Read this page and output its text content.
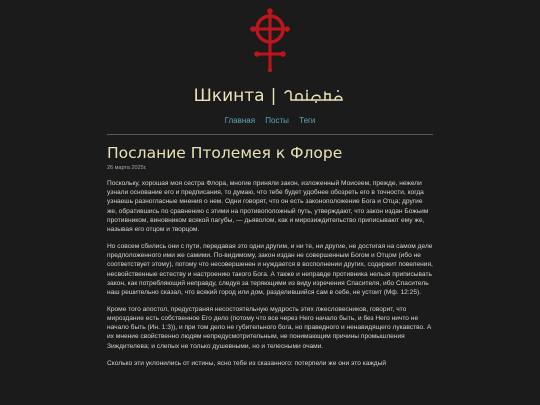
Шкинта |
Главная Посты Теги
Послание Птолемея к Флоре
26 марта 2025г.

Поскольку, хорошая моя сестра Флора, многие приняли закон, изложенный Моисеем, прежде, нежели узнали основание его и предписания, то думаю, что тебе будет удобнее обозреть его в точности, когда узнаешь разногласные мнения о нем. Одни говорят, что он есть законоположение Бога и Отца; другие же, обратившись по сравнению с этими на противоположный путь, утверждают, что закон издан Божьим противником, виновником всякой пагубы, — дьяволом, как и мирозиждительство приписывают ему же, называя его отцом и творцом.

Но совсем сбились они с пути, передавая это одни другим, и ни те, ни другие, не достигая на самом деле предположенного ими же самими. По-видимому, закон издан не совершенным Богом и Отцом (ибо не соответствует этому), потому что несовершенен и нуждается в восполнении других, содержит повеления, несвойственные естеству и настроению такого Бога. А также и неправде противника нельзя приписывать закон, как потребляющий неправду, следуя за теряющими из виду изречения Спасителя, ибо Спаситель наш решительно сказал, что всякий город или дом, разделившийся сам в себе, не устоит (Мф. 12:25).

Кроме того апостол, предустраняя несостоятельную мудрость этих лжесловесников, говорит, что мироздание есть собственное Его дело (потому что все через Него начало быть, и без Него ничто не начало быть (Ин. 1:3)), и при том дело не губительного бога, но праведного и ненавидящего лукавство. А их мнение свойственно людям непредусмотрительным, не понимающим причины промышления Зиждителева; и слепых не только душевными, но и телесными очами.

Сколько эти уклонились от истины, ясно тебе из сказанного: потерпели же они это каждый
